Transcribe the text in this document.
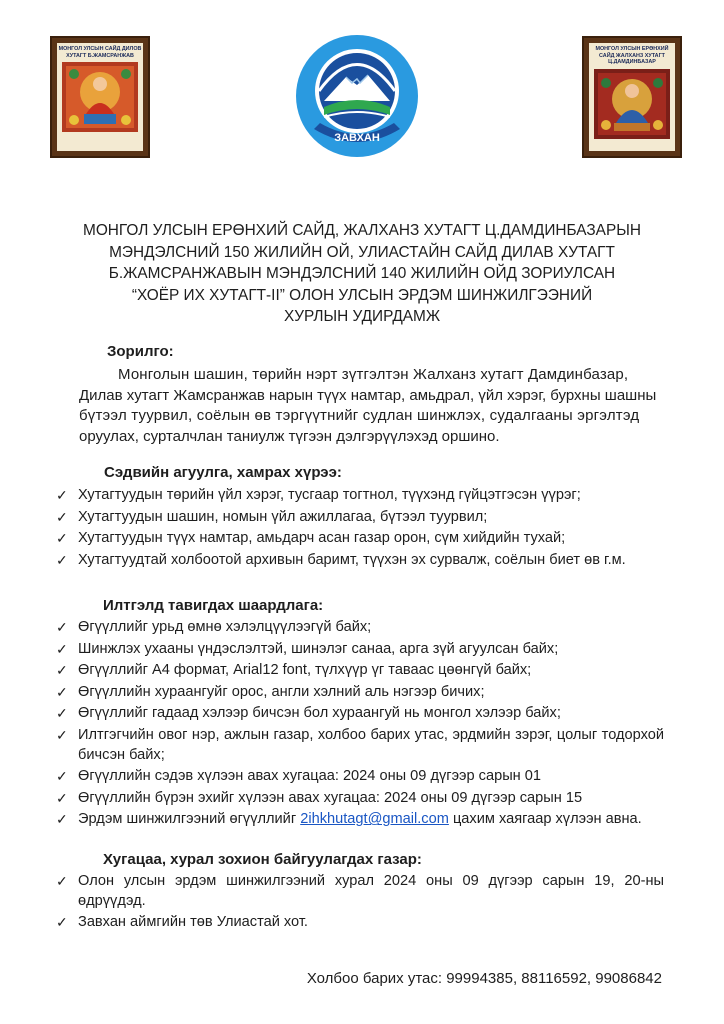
МОНГОЛ УЛСЫН САЙД ДИЛОВ ХУТАГТ Б.ЖАМСРАНЖАВ
ЗАВХАН
МОНГОЛ УЛСЫН ЕРӨНХИЙ САЙД ЖАЛХАНЗ ХУТАГТ Ц.ДАМДИНБАЗАР
МОНГОЛ УЛСЫН ЕРӨНХИЙ САЙД, ЖАЛХАНЗ ХУТАГТ Ц.ДАМДИНБАЗАРЫН
МЭНДЭЛСНИЙ 150 ЖИЛИЙН ОЙ, УЛИАСТАЙН САЙД ДИЛАВ ХУТАГТ
Б.ЖАМСРАНЖАВЫН МЭНДЭЛСНИЙ 140 ЖИЛИЙН ОЙД ЗОРИУЛСАН
“ХОЁР ИХ ХУТАГТ-II” ОЛОН УЛСЫН ЭРДЭМ ШИНЖИЛГЭЭНИЙ
ХУРЛЫН УДИРДАМЖ
Зорилго:
Монголын шашин, төрийн нэрт зүтгэлтэн Жалханз хутагт Дамдинбазар,
Дилав хутагт Жамсранжав нарын түүх намтар, амьдрал, үйл хэрэг, бурхны шашны
бүтээл туурвил, соёлын өв тэргүүтнийг судлан шинжлэх, судалгааны эргэлтэд
оруулах, сурталчлан таниулж түгээн дэлгэрүүлэхэд оршино.
Сэдвийн агуулга, хамрах хүрээ:
✓ Хутагтуудын төрийн үйл хэрэг, тусгаар тогтнол, түүхэнд гүйцэтгэсэн үүрэг;
✓ Хутагтуудын шашин, номын үйл ажиллагаа, бүтээл туурвил;
✓ Хутагтуудын түүх намтар, амьдарч асан газар орон, сүм хийдийн тухай;
✓ Хутагтуудтай холбоотой архивын баримт, түүхэн эх сурвалж, соёлын биет өв г.м.
Илтгэлд тавигдах шаардлага:
✓ Өгүүллийг урьд өмнө хэлэлцүүлээгүй байх;
✓ Шинжлэх ухааны үндэслэлтэй, шинэлэг санаа, арга зүй агуулсан байх;
✓ Өгүүллийг А4 формат, Arial12 font, түлхүүр үг тавааc цөөнгүй байх;
✓ Өгүүллийн хураангуйг орос, англи хэлний аль нэгээр бичих;
✓ Өгүүллийг гадаад хэлээр бичсэн бол хураангуй нь монгол хэлээр байх;
✓ Илтгэгчийн овог нэр, ажлын газар, холбоо барих утас, эрдмийн зэрэг, цолыг тодорхой бичсэн байх;
✓ Өгүүллийн сэдэв хүлээн авах хугацаа: 2024 оны 09 дүгээр сарын 01
✓ Өгүүллийн бүрэн эхийг хүлээн авах хугацаа: 2024 оны 09 дүгээр сарын 15
✓ Эрдэм шинжилгээний өгүүллийг 2ihkhutagt@gmail.com цахим хаягаар хүлээн авна.
Хугацаа, хурал зохион байгуулагдах газар:
✓ Олон улсын эрдэм шинжилгээний хурал 2024 оны 09 дүгээр сарын 19, 20-ны өдрүүдэд.
✓ Завхан аймгийн төв Улиастай хот.
Холбоо барих утас: 99994385, 88116592, 99086842
